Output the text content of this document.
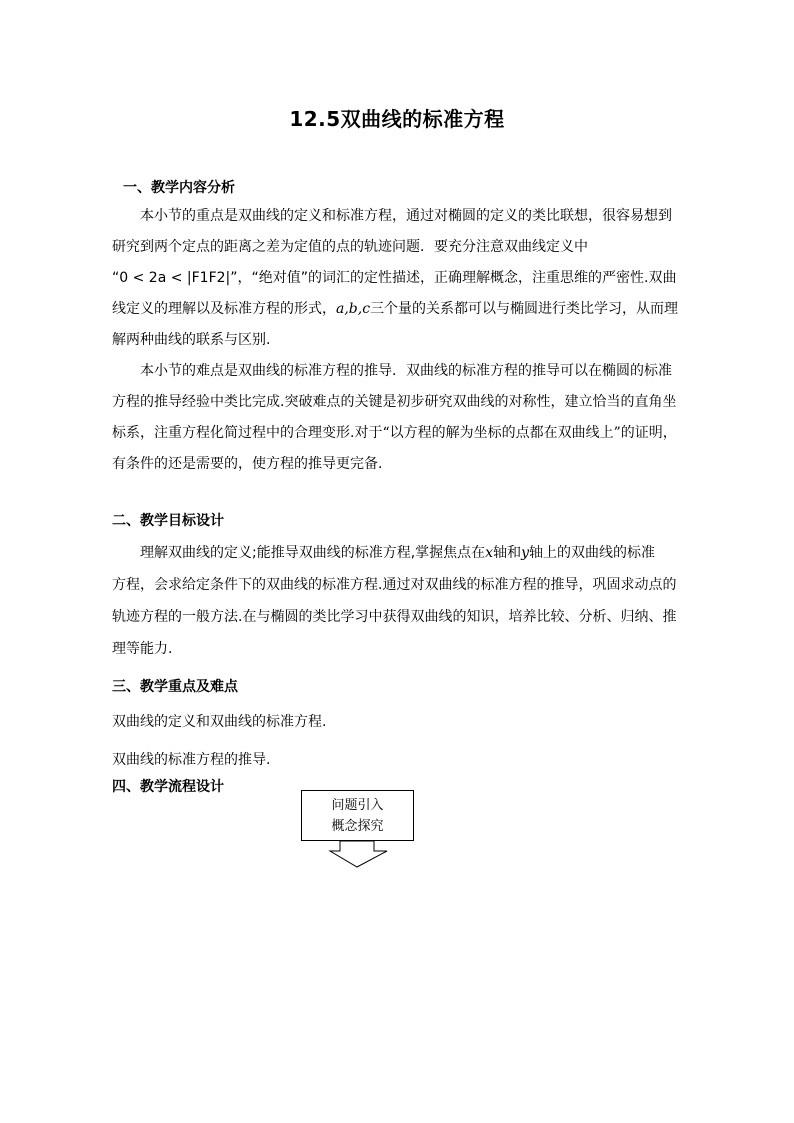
12.5双曲线的标准方程
一、教学内容分析
本小节的重点是双曲线的定义和标准方程，通过对椭圆的定义的类比联想，很容易想到
研究到两个定点的距离之差为定值的点的轨迹问题．要充分注意双曲线定义中
“0 < 2a < |F1F2|”，“绝对值”的词汇的定性描述，正确理解概念，注重思维的严密性.双曲
线定义的理解以及标准方程的形式，a,b,c三个量的关系都可以与椭圆进行类比学习，从而理
解两种曲线的联系与区别.
本小节的难点是双曲线的标准方程的推导．双曲线的标准方程的推导可以在椭圆的标准
方程的推导经验中类比完成.突破难点的关键是初步研究双曲线的对称性，建立恰当的直角坐
标系，注重方程化简过程中的合理变形.对于“以方程的解为坐标的点都在双曲线上”的证明，
有条件的还是需要的，使方程的推导更完备.
二、教学目标设计
理解双曲线的定义;能推导双曲线的标准方程,掌握焦点在x轴和y轴上的双曲线的标准
方程，会求给定条件下的双曲线的标准方程.通过对双曲线的标准方程的推导，巩固求动点的
轨迹方程的一般方法.在与椭圆的类比学习中获得双曲线的知识，培养比较、分析、归纳、推
理等能力.
三、教学重点及难点
双曲线的定义和双曲线的标准方程.
双曲线的标准方程的推导.
四、教学流程设计
问题引入
概念探究
